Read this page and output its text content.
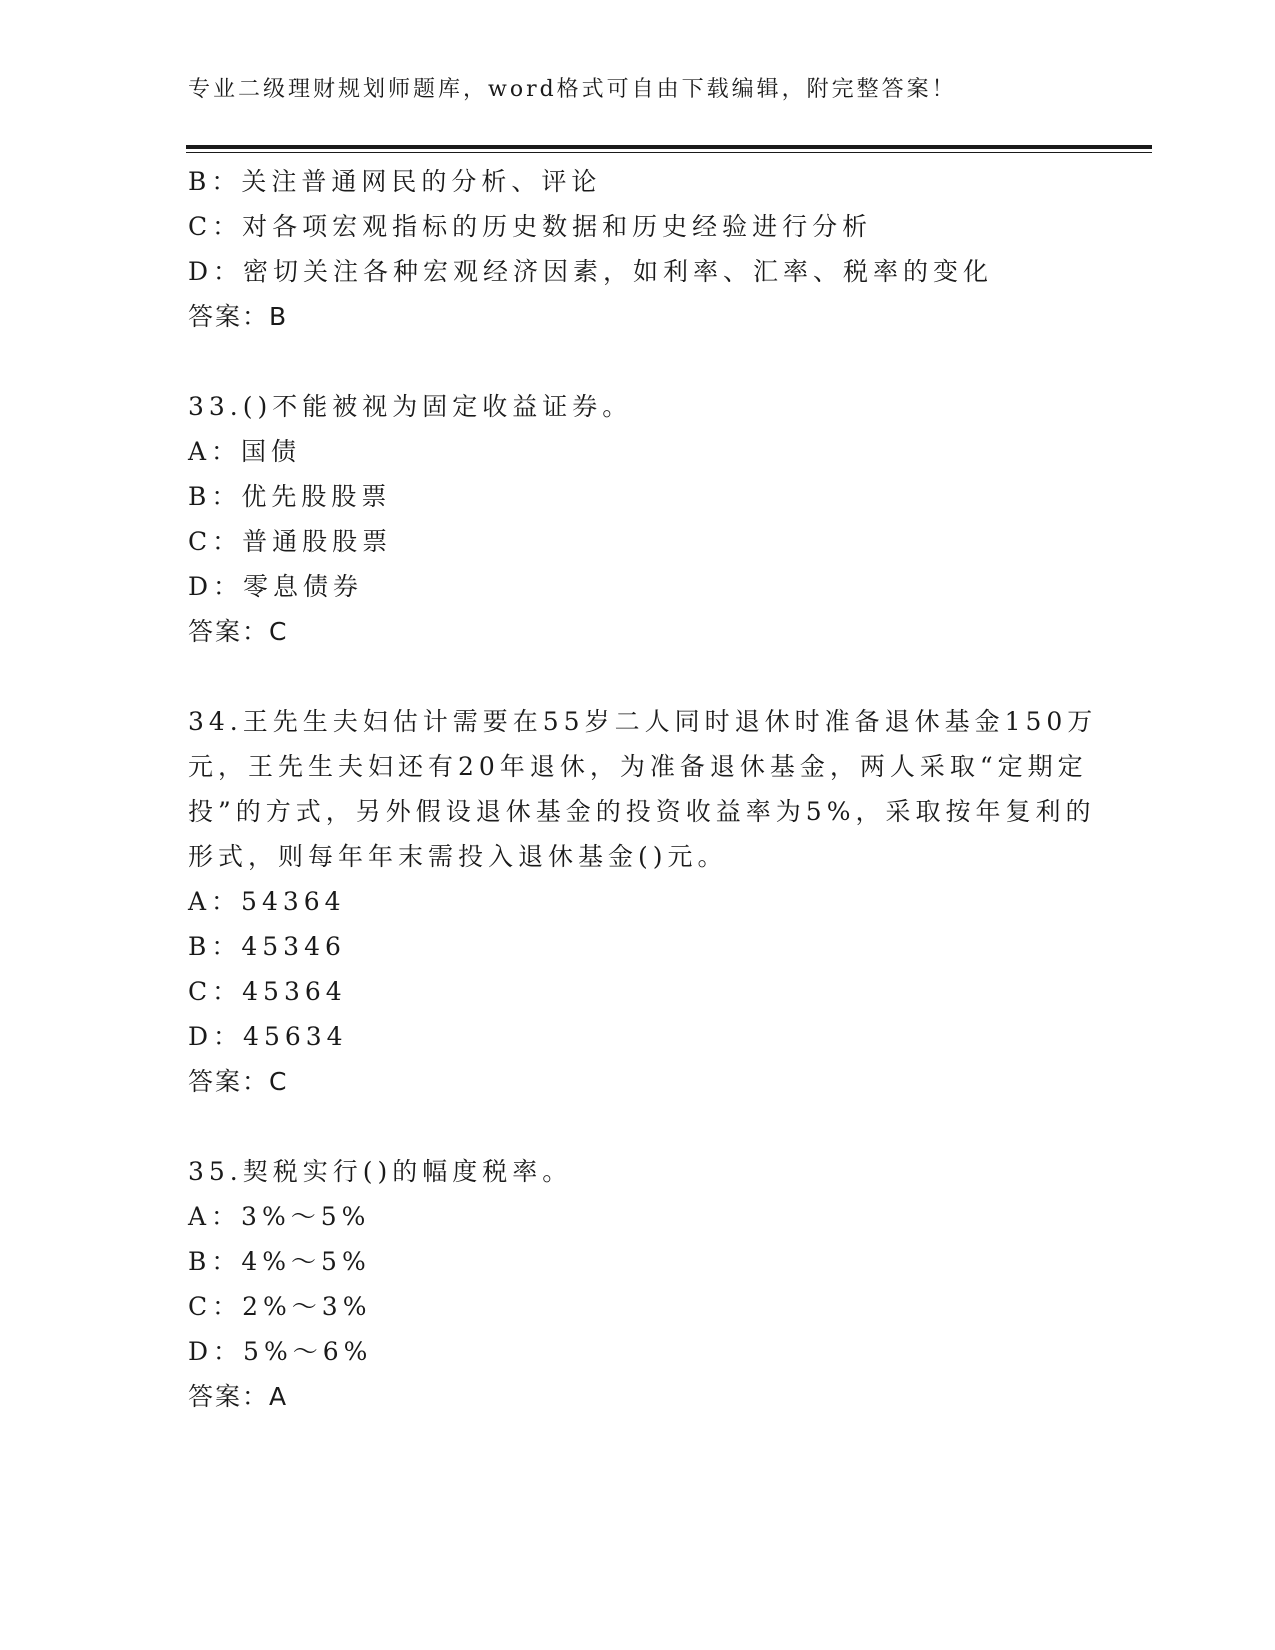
专业二级理财规划师题库，word格式可自由下载编辑，附完整答案！
B：关注普通网民的分析、评论
C：对各项宏观指标的历史数据和历史经验进行分析
D：密切关注各种宏观经济因素，如利率、汇率、税率的变化
答案：B
33.()不能被视为固定收益证券。
A：国债
B：优先股股票
C：普通股股票
D：零息债券
答案：C
34.王先生夫妇估计需要在55岁二人同时退休时准备退休基金150万
元，王先生夫妇还有20年退休，为准备退休基金，两人采取“定期定
投”的方式，另外假设退休基金的投资收益率为5%，采取按年复利的
形式，则每年年末需投入退休基金()元。
A：54364
B：45346
C：45364
D：45634
答案：C
35.契税实行()的幅度税率。
A：3%～5%
B：4%～5%
C：2%～3%
D：5%～6%
答案：A
